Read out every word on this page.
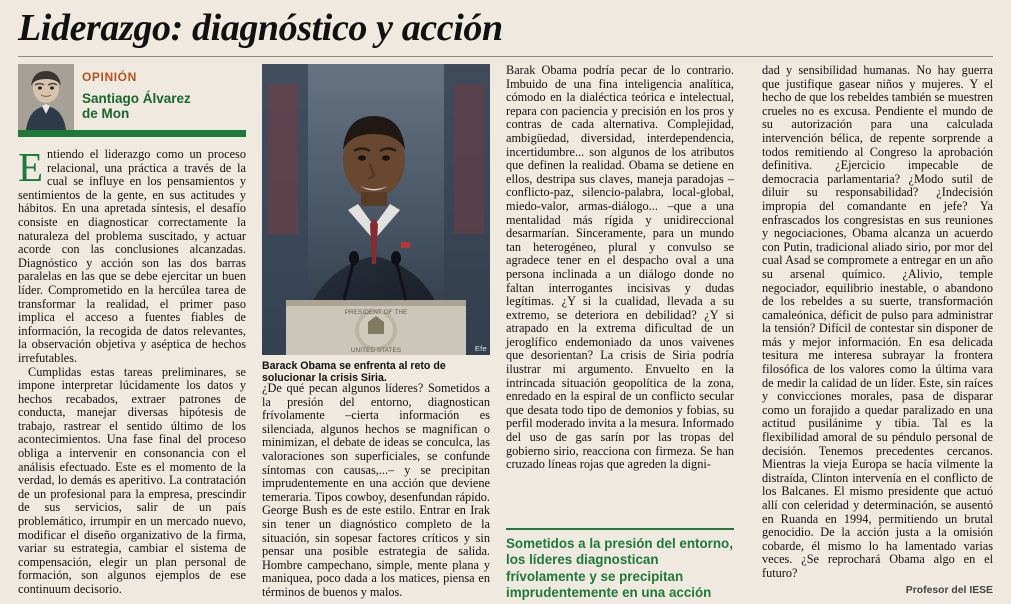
Liderazgo: diagnóstico y acción
OPINIÓN
Santiago Álvarez
de Mon

Entiendo el liderazgo como un proceso relacional, una práctica a través de la cual se influye en los pensamientos y sentimientos de la gente, en sus actitudes y hábitos. En una apretada síntesis, el desafío consiste en diagnosticar correctamente la naturaleza del problema suscitado, y actuar acorde con las conclusiones alcanzadas. Diagnóstico y acción son las dos barras paralelas en las que se debe ejercitar un buen líder. Comprometido en la hercúlea tarea de transformar la realidad, el primer paso implica el acceso a fuentes fiables de información, la recogida de datos relevantes, la observación objetiva y aséptica de hechos irrefutables.

Cumplidas estas tareas preliminares, se impone interpretar lúcidamente los datos y hechos recabados, extraer patrones de conducta, manejar diversas hipótesis de trabajo, rastrear el sentido último de los acontecimientos. Una fase final del proceso obliga a intervenir en consonancia con el análisis efectuado. Este es el momento de la verdad, lo demás es aperitivo. La contratación de un profesional para la empresa, prescindir de sus servicios, salir de un país problemático, irrumpir en un mercado nuevo, modificar el diseño organizativo de la firma, variar su estrategia, cambiar el sistema de compensación, elegir un plan personal de formación, son algunos ejemplos de ese continuum decisorio.

PRESIDENT OF THE
UNITED STATES	Efe
Barack Obama se enfrenta al reto de solucionar la crisis Siria.

¿De qué pecan algunos líderes? Sometidos a la presión del entorno, diagnostican frívolamente –cierta información es silenciada, algunos hechos se magnifican o minimizan, el debate de ideas se conculca, las valoraciones son superficiales, se confunde síntomas con causas,...– y se precipitan imprudentemente en una acción que deviene temeraria. Tipos cowboy, desenfundan rápido. George Bush es de este estilo. Entrar en Irak sin tener un diagnóstico completo de la situación, sin sopesar factores críticos y sin pensar una posible estrategia de salida. Hombre campechano, simple, mente plana y maniquea, poco dada a los matices, piensa en términos de buenos y malos.

Barak Obama podría pecar de lo contrario. Imbuido de una fina inteligencia analítica, cómodo en la dialéctica teórica e intelectual, repara con paciencia y precisión en los pros y contras de cada alternativa. Complejidad, ambigüedad, diversidad, interdependencia, incertidumbre... son algunos de los atributos que definen la realidad. Obama se detiene en ellos, destripa sus claves, maneja paradojas –conflicto-paz, silencio-palabra, local-global, miedo-valor, armas-diálogo... –que a una mentalidad más rígida y unidireccional desarmarían. Sinceramente, para un mundo tan heterogéneo, plural y convulso se agradece tener en el despacho oval a una persona inclinada a un diálogo donde no faltan interrogantes incisivas y dudas legítimas. ¿Y si la cualidad, llevada a su extremo, se deteriora en debilidad? ¿Y si atrapado en la extrema dificultad de un jeroglífico endemoniado da unos vaivenes que desorientan? La crisis de Siria podría ilustrar mi argumento. Envuelto en la intrincada situación geopolítica de la zona, enredado en la espiral de un conflicto secular que desata todo tipo de demonios y fobias, su perfil moderado invita a la mesura. Informado del uso de gas sarín por las tropas del gobierno sirio, reacciona con firmeza. Se han cruzado líneas rojas que agreden la digni-

Sometidos a la presión del entorno, los líderes diagnostican frívolamente y se precipitan imprudentemente en una acción

dad y sensibilidad humanas. No hay guerra que justifique gasear niños y mujeres. Y el hecho de que los rebeldes también se muestren crueles no es excusa. Pendiente el mundo de su autorización para una calculada intervención bélica, de repente sorprende a todos remitiendo al Congreso la aprobación definitiva. ¿Ejercicio impecable de democracia parlamentaria? ¿Modo sutil de diluir su responsabilidad? ¿Indecisión impropia del comandante en jefe? Ya enfrascados los congresistas en sus reuniones y negociaciones, Obama alcanza un acuerdo con Putin, tradicional aliado sirio, por mor del cual Asad se compromete a entregar en un año su arsenal químico. ¿Alivio, temple negociador, equilibrio inestable, o abandono de los rebeldes a su suerte, transformación camaleónica, déficit de pulso para administrar la tensión? Difícil de contestar sin disponer de más y mejor información. En esa delicada tesitura me interesa subrayar la frontera filosófica de los valores como la última vara de medir la calidad de un líder. Este, sin raíces y convicciones morales, pasa de disparar como un forajido a quedar paralizado en una actitud pusilánime y tibia. Tal es la flexibilidad amoral de su péndulo personal de decisión. Tenemos precedentes cercanos. Mientras la vieja Europa se hacía vilmente la distraída, Clinton intervenía en el conflicto de los Balcanes. El mismo presidente que actuó allí con celeridad y determinación, se ausentó en Ruanda en 1994, permitiendo un brutal genocidio. De la acción justa a la omisión cobarde, él mismo lo ha lamentado varias veces. ¿Se reprochará Obama algo en el futuro?

Profesor del IESE
